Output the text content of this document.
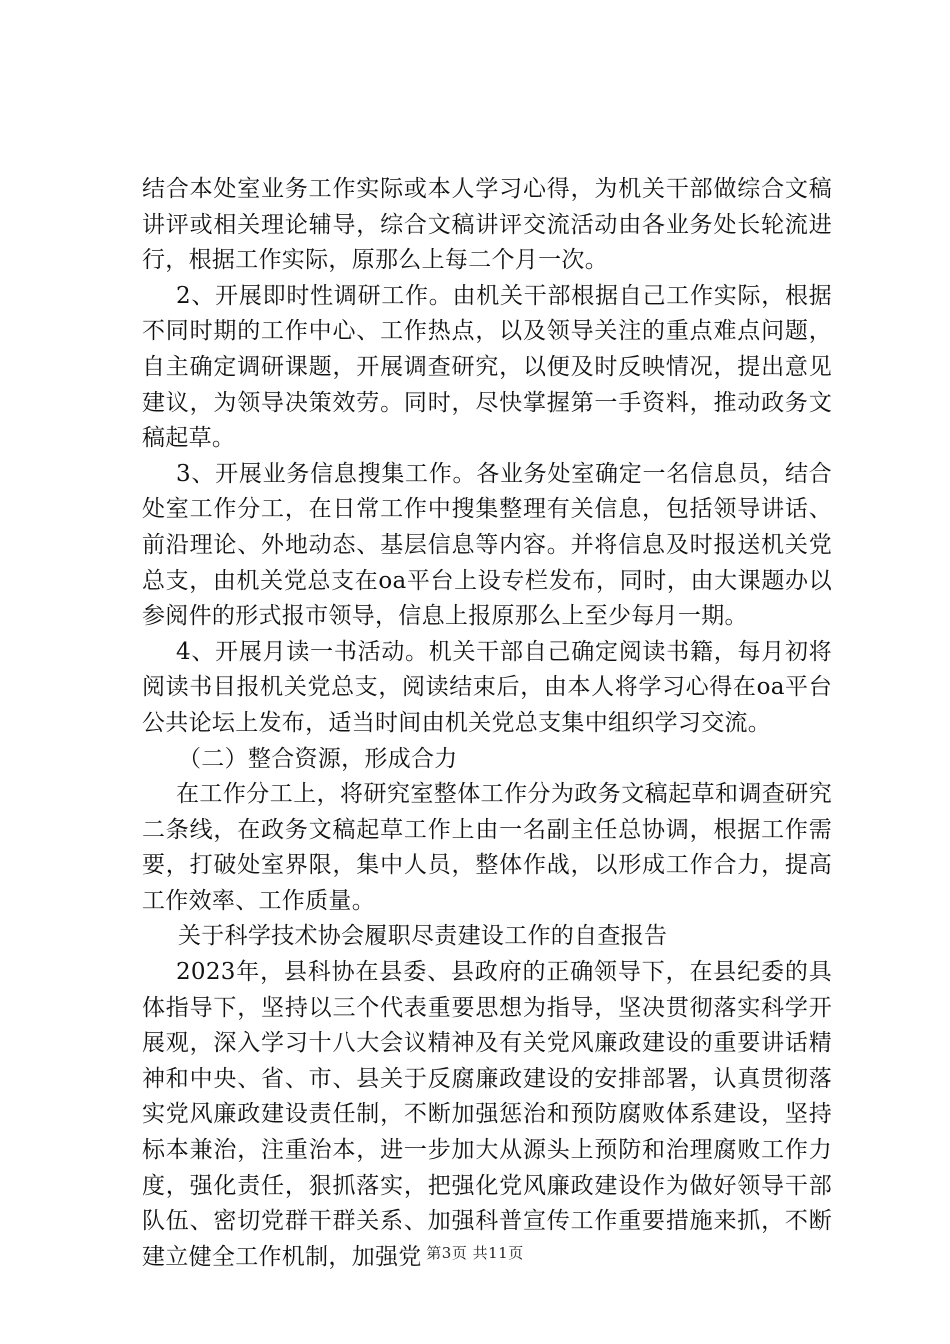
结合本处室业务工作实际或本人学习心得，为机关干部做综合文稿讲评或相关理论辅导，综合文稿讲评交流活动由各业务处长轮流进行，根据工作实际，原那么上每二个月一次。

2、开展即时性调研工作。由机关干部根据自己工作实际，根据不同时期的工作中心、工作热点，以及领导关注的重点难点问题，自主确定调研课题，开展调查研究，以便及时反映情况，提出意见建议，为领导决策效劳。同时，尽快掌握第一手资料，推动政务文稿起草。

3、开展业务信息搜集工作。各业务处室确定一名信息员，结合处室工作分工，在日常工作中搜集整理有关信息，包括领导讲话、前沿理论、外地动态、基层信息等内容。并将信息及时报送机关党总支，由机关党总支在oa平台上设专栏发布，同时，由大课题办以参阅件的形式报市领导，信息上报原那么上至少每月一期。

4、开展月读一书活动。机关干部自己确定阅读书籍，每月初将阅读书目报机关党总支，阅读结束后，由本人将学习心得在oa平台公共论坛上发布，适当时间由机关党总支集中组织学习交流。

（二）整合资源，形成合力

在工作分工上，将研究室整体工作分为政务文稿起草和调查研究二条线，在政务文稿起草工作上由一名副主任总协调，根据工作需要，打破处室界限，集中人员，整体作战，以形成工作合力，提高工作效率、工作质量。

关于科学技术协会履职尽责建设工作的自查报告

2023年，县科协在县委、县政府的正确领导下，在县纪委的具体指导下，坚持以三个代表重要思想为指导，坚决贯彻落实科学开展观，深入学习十八大会议精神及有关党风廉政建设的重要讲话精神和中央、省、市、县关于反腐廉政建设的安排部署，认真贯彻落实党风廉政建设责任制，不断加强惩治和预防腐败体系建设，坚持标本兼治，注重治本，进一步加大从源头上预防和治理腐败工作力度，强化责任，狠抓落实，把强化党风廉政建设作为做好领导干部队伍、密切党群干群关系、加强科普宣传工作重要措施来抓，不断建立健全工作机制，加强党 第3页 共11页
